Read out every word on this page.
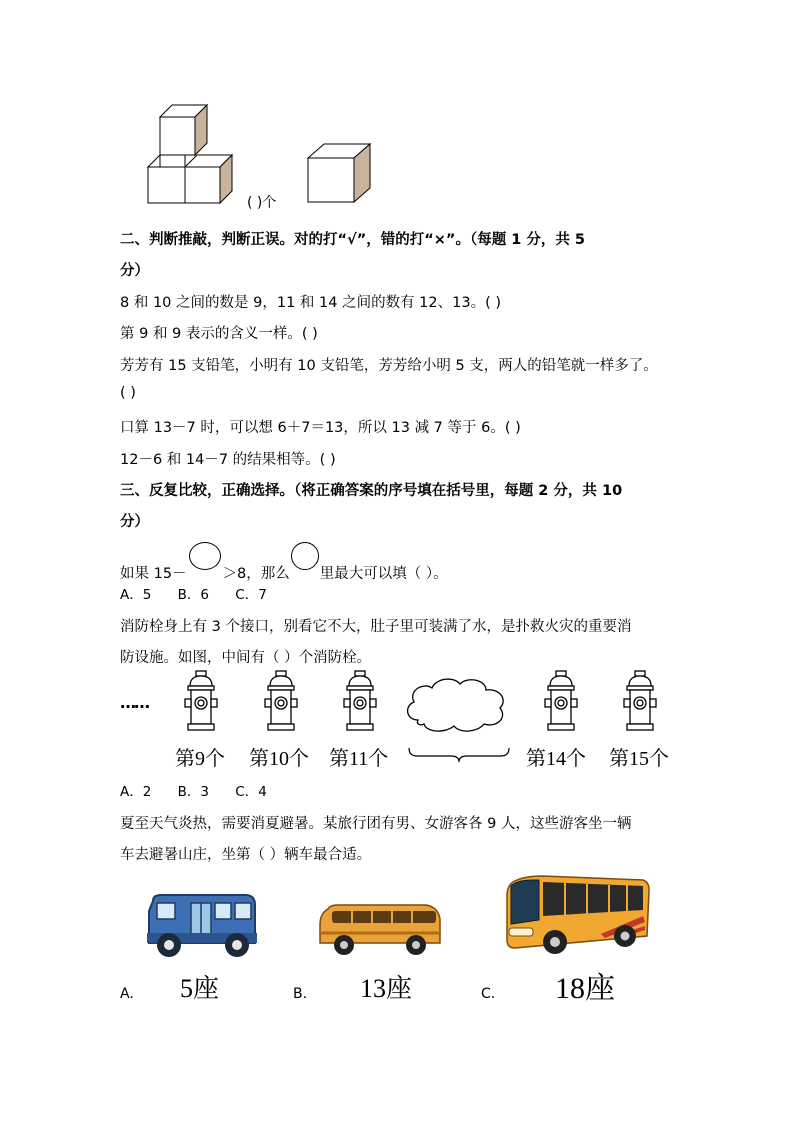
( )个
二、判断推敲，判断正误。对的打“√”，错的打“×”。（每题 1 分，共 5
分）
8 和 10 之间的数是 9，11 和 14 之间的数有 12、13。( )
第 9 和 9 表示的含义一样。( )
芳芳有 15 支铅笔，小明有 10 支铅笔，芳芳给小明 5 支，两人的铅笔就一样多了。
( )
口算 13－7 时，可以想 6＋7＝13，所以 13 减 7 等于 6。( )
12－6 和 14－7 的结果相等。( )
三、反复比较，正确选择。（将正确答案的序号填在括号里，每题 2 分，共 10
分）
如果 15－ ＞8，那么 里最大可以填（ ）。
A．5 B．6 C．7
消防栓身上有 3 个接口，别看它不大，肚子里可装满了水，是扑救火灾的重要消
防设施。如图，中间有（ ）个消防栓。
……
第9个 第10个 第11个	第14个 第15个
A．2 B．3 C．4
夏至天气炎热，需要消夏避暑。某旅行团有男、女游客各 9 人，这些游客坐一辆
车去避暑山庄，坐第（ ）辆车最合适。
A. 5座	B. 13座	C. 18座
